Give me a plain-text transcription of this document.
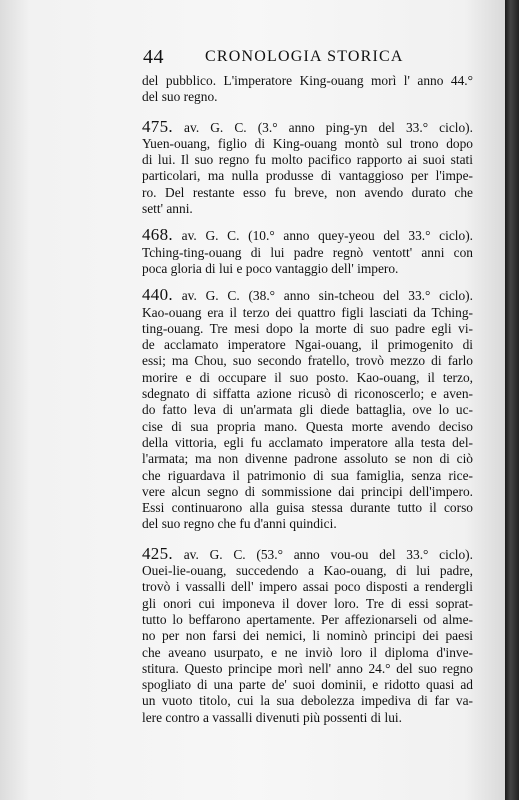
44	CRONOLOGIA STORICA
del pubblico. L'imperatore King-ouang morì l' anno 44.°
del suo regno.
475. av. G. C. (3.° anno ping-yn del 33.° ciclo).
Yuen-ouang, figlio di King-ouang montò sul trono dopo
di lui. Il suo regno fu molto pacifico rapporto ai suoi stati
particolari, ma nulla produsse di vantaggioso per l'impe-
ro. Del restante esso fu breve, non avendo durato che
sett' anni.
468. av. G. C. (10.° anno quey-yeou del 33.° ciclo).
Tching-ting-ouang di lui padre regnò ventott' anni con
poca gloria di lui e poco vantaggio dell' impero.
440. av. G. C. (38.° anno sin-tcheou del 33.° ciclo).
Kao-ouang era il terzo dei quattro figli lasciati da Tching-
ting-ouang. Tre mesi dopo la morte di suo padre egli vi-
de acclamato imperatore Ngai-ouang, il primogenito di
essi; ma Chou, suo secondo fratello, trovò mezzo di farlo
morire e di occupare il suo posto. Kao-ouang, il terzo,
sdegnato di siffatta azione ricusò di riconoscerlo; e aven-
do fatto leva di un'armata gli diede battaglia, ove lo uc-
cise di sua propria mano. Questa morte avendo deciso
della vittoria, egli fu acclamato imperatore alla testa del-
l'armata; ma non divenne padrone assoluto se non di ciò
che riguardava il patrimonio di sua famiglia, senza rice-
vere alcun segno di sommissione dai principi dell'impero.
Essi continuarono alla guisa stessa durante tutto il corso
del suo regno che fu d'anni quindici.
425. av. G. C. (53.° anno vou-ou del 33.° ciclo).
Ouei-lie-ouang, succedendo a Kao-ouang, di lui padre,
trovò i vassalli dell' impero assai poco disposti a rendergli
gli onori cui imponeva il dover loro. Tre di essi soprat-
tutto lo beffarono apertamente. Per affezionarseli od alme-
no per non farsi dei nemici, li nominò principi dei paesi
che aveano usurpato, e ne inviò loro il diploma d'inve-
stitura. Questo principe morì nell' anno 24.° del suo regno
spogliato di una parte de' suoi dominii, e ridotto quasi ad
un vuoto titolo, cui la sua debolezza impediva di far va-
lere contro a vassalli divenuti più possenti di lui.
